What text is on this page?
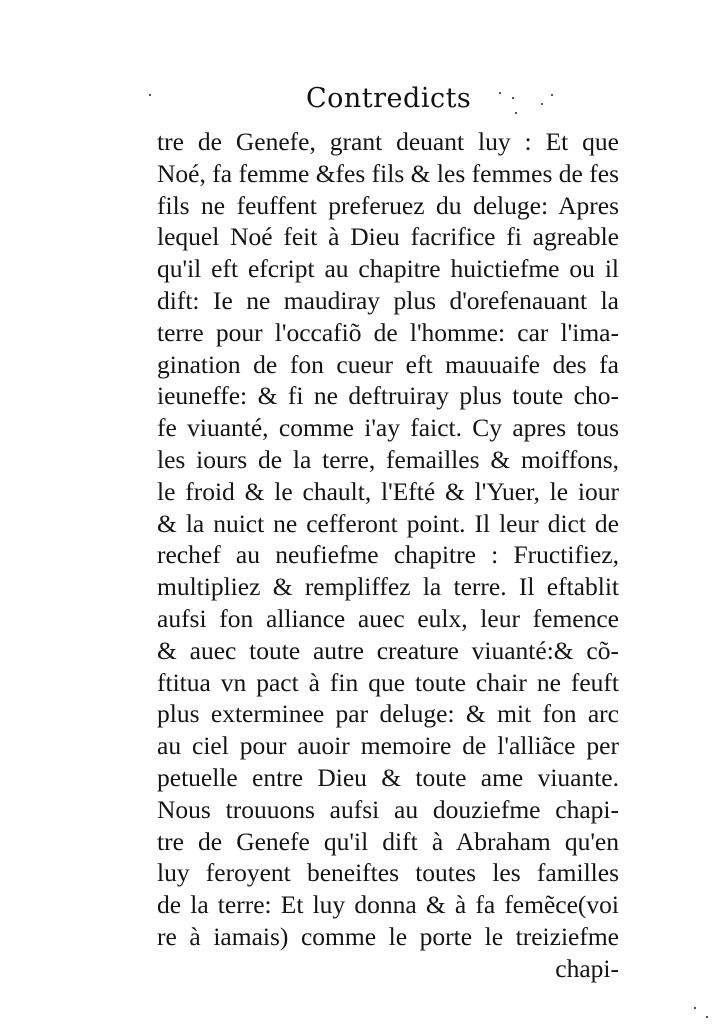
Contredicts
tre de Genefe, grant deuant luy : Et que
Noé, fa femme &fes fils & les femmes de fes
fils ne feuffent preferuez du deluge: Apres
lequel Noé feit à Dieu facrifice fi agreable
qu'il eft efcript au chapitre huictiefme ou il
dift: Ie ne maudiray plus d'orefenauant la
terre pour l'occafiõ de l'homme: car l'ima-
gination de fon cueur eft mauuaife des fa
ieuneffe: & fi ne deftruiray plus toute cho-
fe viuanté, comme i'ay faict. Cy apres tous
les iours de la terre, femailles & moiffons,
le froid & le chault, l'Efté & l'Yuer, le iour
& la nuict ne cefferont point. Il leur dict de
rechef au neufiefme chapitre : Fructifiez,
multipliez & rempliffez la terre. Il eftablit
aufsi fon alliance auec eulx, leur femence
& auec toute autre creature viuanté:& cõ-
ftitua vn pact à fin que toute chair ne feuft
plus exterminee par deluge: & mit fon arc
au ciel pour auoir memoire de l'alliãce per
petuelle entre Dieu & toute ame viuante.
Nous trouuons aufsi au douziefme chapi-
tre de Genefe qu'il dift à Abraham qu'en
luy feroyent beneiftes toutes les familles
de la terre: Et luy donna & à fa femẽce(voi
re à iamais) comme le porte le treiziefme
chapi-
